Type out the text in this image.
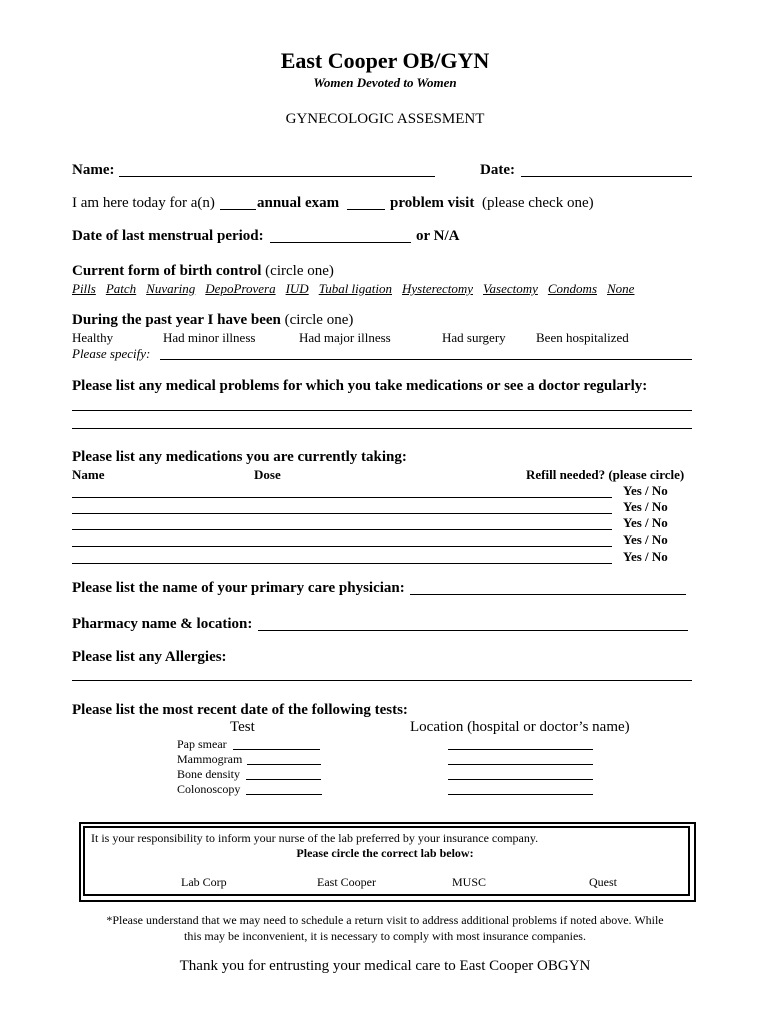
East Cooper OB/GYN
Women Devoted to Women
GYNECOLOGIC ASSESMENT
Name:	Date:
I am here today for a(n)	annual exam	problem visit (please check one)
Date of last menstrual period:	or N/A
Current form of birth control (circle one)
Pills Patch Nuvaring DepoProvera IUD Tubal ligation Hysterectomy Vasectomy Condoms None
During the past year I have been (circle one)
Healthy	Had minor illness	Had major illness	Had surgery Been hospitalized
Please specify:
Please list any medical problems for which you take medications or see a doctor regularly:
Please list any medications you are currently taking:
Name	Dose	Refill needed? (please circle)
Yes / No
Yes / No
Yes / No
Yes / No
Yes / No
Please list the name of your primary care physician:
Pharmacy name & location:
Please list any Allergies:
Please list the most recent date of the following tests:
Test	Location (hospital or doctor’s name)
Pap smear
Mammogram
Bone density
Colonoscopy
It is your responsibility to inform your nurse of the lab preferred by your insurance company.
Please circle the correct lab below:
Lab Corp	East Cooper	MUSC	Quest
*Please understand that we may need to schedule a return visit to address additional problems if noted above. While
this may be inconvenient, it is necessary to comply with most insurance companies.
Thank you for entrusting your medical care to East Cooper OBGYN
